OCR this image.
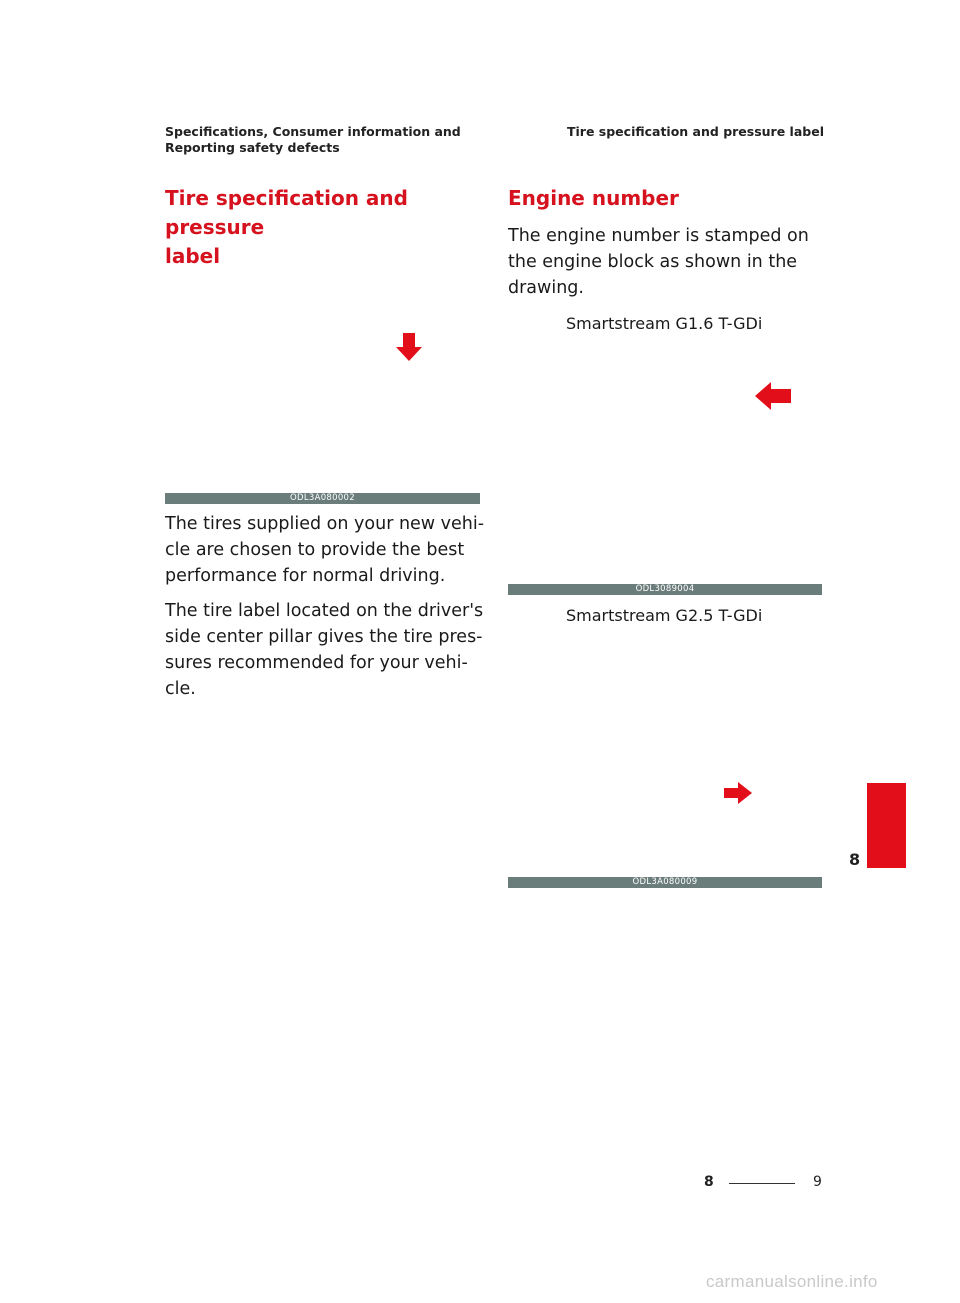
Specifications, Consumer information and
Reporting safety defects
Tire specification and pressure label
Tire specification and pressure
label
ODL3A080002
The tires supplied on your new vehi-
cle are chosen to provide the best
performance for normal driving.
The tire label located on the driver's
side center pillar gives the tire pres-
sures recommended for your vehi-
cle.
Engine number
The engine number is stamped on
the engine block as shown in the
drawing.
Smartstream G1.6 T-GDi
ODL3089004
Smartstream G2.5 T-GDi
ODL3A080009
8
8	9
carmanualsonline.info
